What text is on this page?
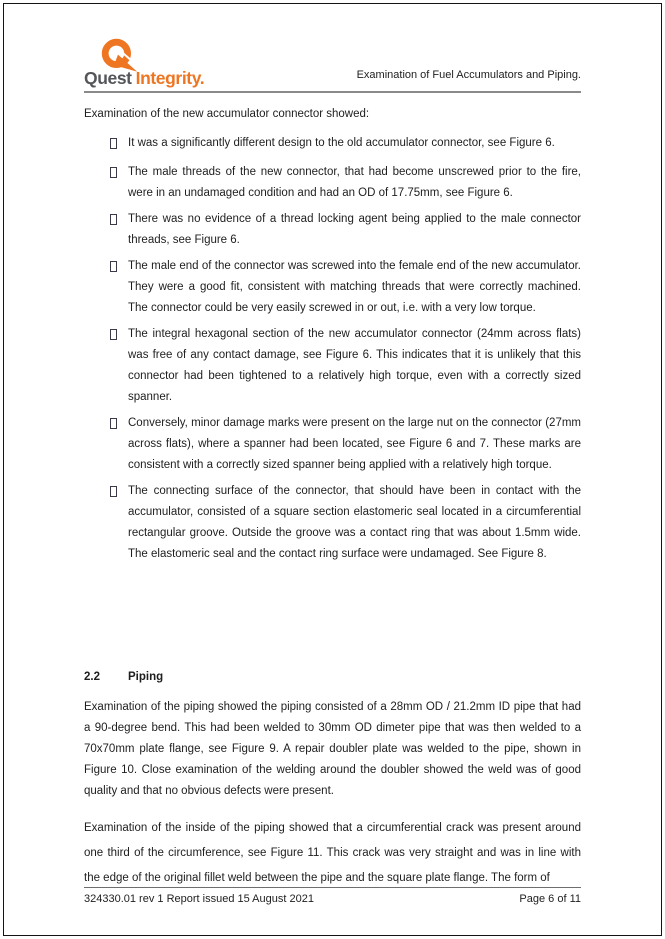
Quest Integrity.	Examination of Fuel Accumulators and Piping.
Examination of the new accumulator connector showed:
It was a significantly different design to the old accumulator connector, see Figure 6.
The male threads of the new connector, that had become unscrewed prior to the fire, were in an undamaged condition and had an OD of 17.75mm, see Figure 6.
There was no evidence of a thread locking agent being applied to the male connector threads, see Figure 6.
The male end of the connector was screwed into the female end of the new accumulator. They were a good fit, consistent with matching threads that were correctly machined. The connector could be very easily screwed in or out, i.e. with a very low torque.
The integral hexagonal section of the new accumulator connector (24mm across flats) was free of any contact damage, see Figure 6. This indicates that it is unlikely that this connector had been tightened to a relatively high torque, even with a correctly sized spanner.
Conversely, minor damage marks were present on the large nut on the connector (27mm across flats), where a spanner had been located, see Figure 6 and 7. These marks are consistent with a correctly sized spanner being applied with a relatively high torque.
The connecting surface of the connector, that should have been in contact with the accumulator, consisted of a square section elastomeric seal located in a circumferential rectangular groove. Outside the groove was a contact ring that was about 1.5mm wide. The elastomeric seal and the contact ring surface were undamaged. See Figure 8.
2.2 Piping
Examination of the piping showed the piping consisted of a 28mm OD / 21.2mm ID pipe that had a 90-degree bend. This had been welded to 30mm OD dimeter pipe that was then welded to a 70x70mm plate flange, see Figure 9. A repair doubler plate was welded to the pipe, shown in Figure 10. Close examination of the welding around the doubler showed the weld was of good quality and that no obvious defects were present.
Examination of the inside of the piping showed that a circumferential crack was present around one third of the circumference, see Figure 11. This crack was very straight and was in line with the edge of the original fillet weld between the pipe and the square plate flange. The form of
324330.01 rev 1 Report issued 15 August 2021	Page 6 of 11
